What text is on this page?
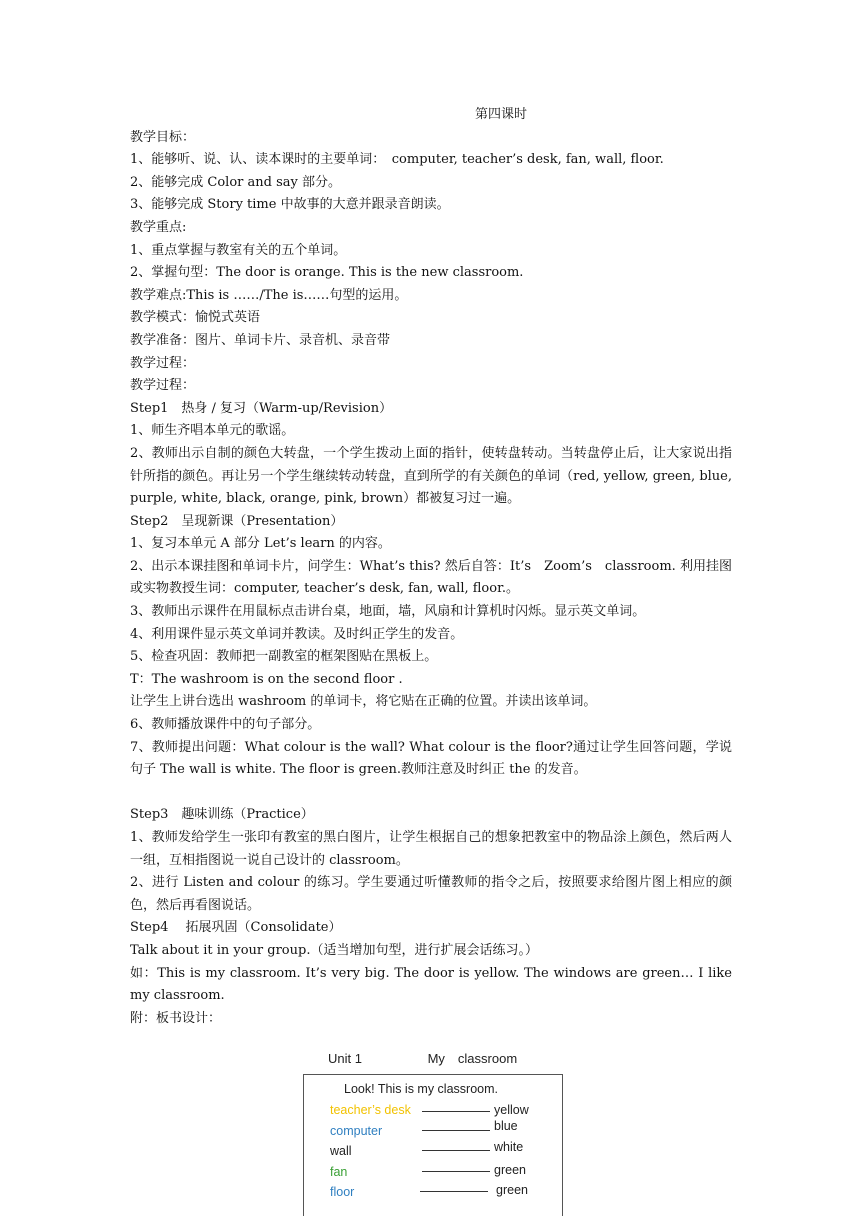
第四课时
教学目标：
1、能够听、说、认、读本课时的主要单词：　computer, teacher’s desk, fan, wall, floor.
2、能够完成 Color and say 部分。
3、能够完成 Story time 中故事的大意并跟录音朗读。
教学重点:
1、重点掌握与教室有关的五个单词。
2、掌握句型：The door is orange. This is the new classroom.
教学难点:This is ……/The is……句型的运用。
教学模式：愉悦式英语
教学准备：图片、单词卡片、录音机、录音带
教学过程：
教学过程：
Step1　热身 / 复习（Warm-up/Revision）
1、师生齐唱本单元的歌谣。
2、教师出示自制的颜色大转盘，一个学生拨动上面的指针，使转盘转动。当转盘停止后，让大家说出指针所指的颜色。再让另一个学生继续转动转盘，直到所学的有关颜色的单词（red, yellow, green, blue, purple, white, black, orange, pink, brown）都被复习过一遍。
Step2　呈现新课（Presentation）
1、复习本单元 A 部分 Let’s learn 的内容。
2、出示本课挂图和单词卡片，问学生：What’s this? 然后自答：It’s　Zoom’s　classroom. 利用挂图或实物教授生词：computer, teacher’s desk, fan, wall, floor.。
3、教师出示课件在用鼠标点击讲台桌，地面，墙，风扇和计算机时闪烁。显示英文单词。
4、利用课件显示英文单词并教读。及时纠正学生的发音。
5、检查巩固：教师把一副教室的框架图贴在黑板上。
T：The washroom is on the second floor .
让学生上讲台选出 washroom 的单词卡，将它贴在正确的位置。并读出该单词。
6、教师播放课件中的句子部分。
7、教师提出问题：What colour is the wall? What colour is the floor?通过让学生回答问题，学说句子 The wall is white. The floor is green.教师注意及时纠正 the 的发音。
Step3　趣味训练（Practice）
1、教师发给学生一张印有教室的黑白图片，让学生根据自己的想象把教室中的物品涂上颜色，然后两人一组，互相指图说一说自己设计的 classroom。
2、进行 Listen and colour 的练习。学生要通过听懂教师的指令之后，按照要求给图片图上相应的颜色，然后再看图说话。
Step4　 拓展巩固（Consolidate）
Talk about it in your group.（适当增加句型，进行扩展会话练习。）
如：This is my classroom. It’s very big. The door is yellow. The windows are green… I like my classroom.
附：板书设计：
Unit 1	My　classroom
Look! This is my classroom.
teacher’s desk	yellow
computer	blue
wall	white
fan	green
floor	green
